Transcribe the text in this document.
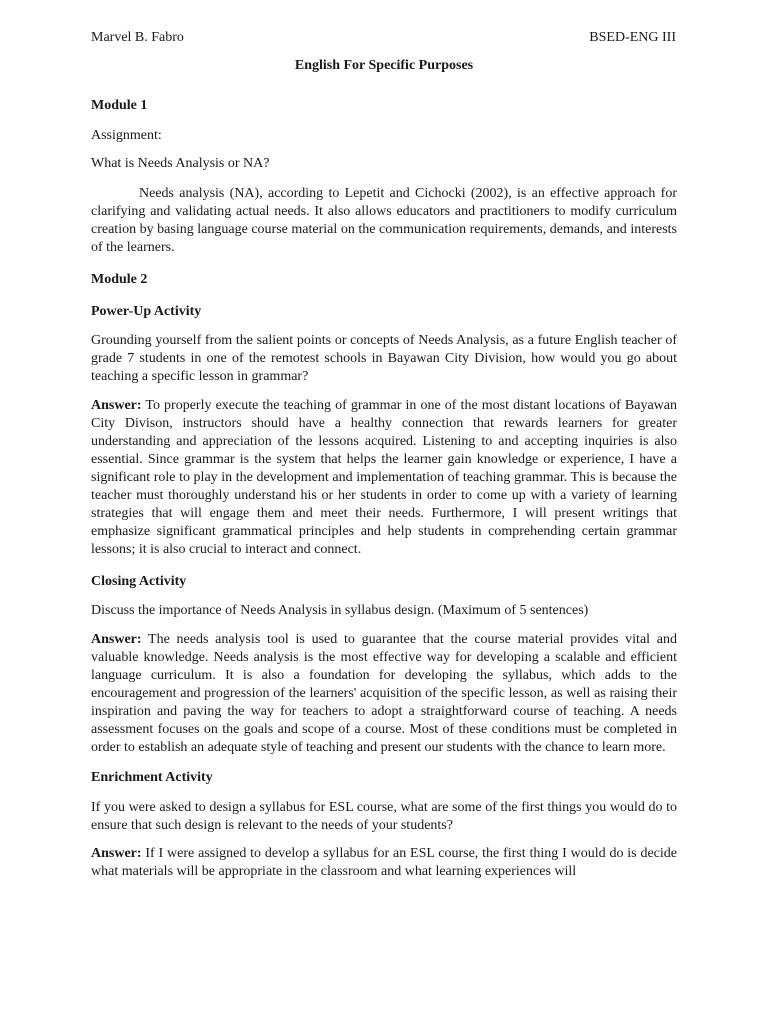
Marvel B. Fabro	BSED-ENG III

English For Specific Purposes

Module 1

Assignment:

What is Needs Analysis or NA?

Needs analysis (NA), according to Lepetit and Cichocki (2002), is an effective approach for clarifying and validating actual needs. It also allows educators and practitioners to modify curriculum creation by basing language course material on the communication requirements, demands, and interests of the learners.

Module 2

Power-Up Activity

Grounding yourself from the salient points or concepts of Needs Analysis, as a future English teacher of grade 7 students in one of the remotest schools in Bayawan City Division, how would you go about teaching a specific lesson in grammar?

Answer: To properly execute the teaching of grammar in one of the most distant locations of Bayawan City Divison, instructors should have a healthy connection that rewards learners for greater understanding and appreciation of the lessons acquired. Listening to and accepting inquiries is also essential. Since grammar is the system that helps the learner gain knowledge or experience, I have a significant role to play in the development and implementation of teaching grammar. This is because the teacher must thoroughly understand his or her students in order to come up with a variety of learning strategies that will engage them and meet their needs. Furthermore, I will present writings that emphasize significant grammatical principles and help students in comprehending certain grammar lessons; it is also crucial to interact and connect.

Closing Activity

Discuss the importance of Needs Analysis in syllabus design. (Maximum of 5 sentences)

Answer: The needs analysis tool is used to guarantee that the course material provides vital and valuable knowledge. Needs analysis is the most effective way for developing a scalable and efficient language curriculum. It is also a foundation for developing the syllabus, which adds to the encouragement and progression of the learners' acquisition of the specific lesson, as well as raising their inspiration and paving the way for teachers to adopt a straightforward course of teaching. A needs assessment focuses on the goals and scope of a course. Most of these conditions must be completed in order to establish an adequate style of teaching and present our students with the chance to learn more.

Enrichment Activity

If you were asked to design a syllabus for ESL course, what are some of the first things you would do to ensure that such design is relevant to the needs of your students?

Answer: If I were assigned to develop a syllabus for an ESL course, the first thing I would do is decide what materials will be appropriate in the classroom and what learning experiences will
